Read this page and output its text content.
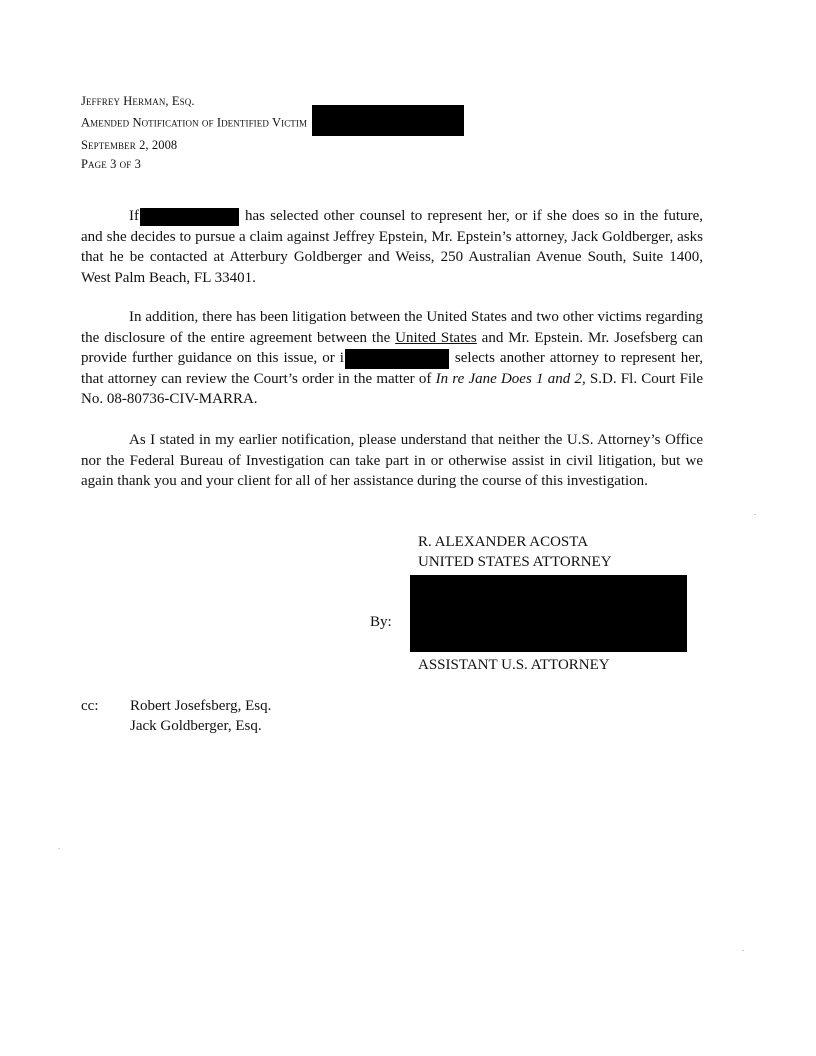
Jeffrey Herman, Esq.
Amended Notification of Identified Victim
September 2, 2008
Page 3 of 3

If	has selected other counsel to represent her, or if she does so in the future, and she decides to pursue a claim against Jeffrey Epstein, Mr. Epstein’s attorney, Jack Goldberger, asks that he be contacted at Atterbury Goldberger and Weiss, 250 Australian Avenue South, Suite 1400, West Palm Beach, FL 33401.

In addition, there has been litigation between the United States and two other victims regarding the disclosure of the entire agreement between the United States and Mr. Epstein. Mr. Josefsberg can provide further guidance on this issue, or i	selects another attorney to represent her, that attorney can review the Court’s order in the matter of In re Jane Does 1 and 2, S.D. Fl. Court File No. 08-80736-CIV-MARRA.

As I stated in my earlier notification, please understand that neither the U.S. Attorney’s Office nor the Federal Bureau of Investigation can take part in or otherwise assist in civil litigation, but we again thank you and your client for all of her assistance during the course of this investigation.

R. ALEXANDER ACOSTA
UNITED STATES ATTORNEY
By:
ASSISTANT U.S. ATTORNEY
cc: Robert Josefsberg, Esq.
Jack Goldberger, Esq.
